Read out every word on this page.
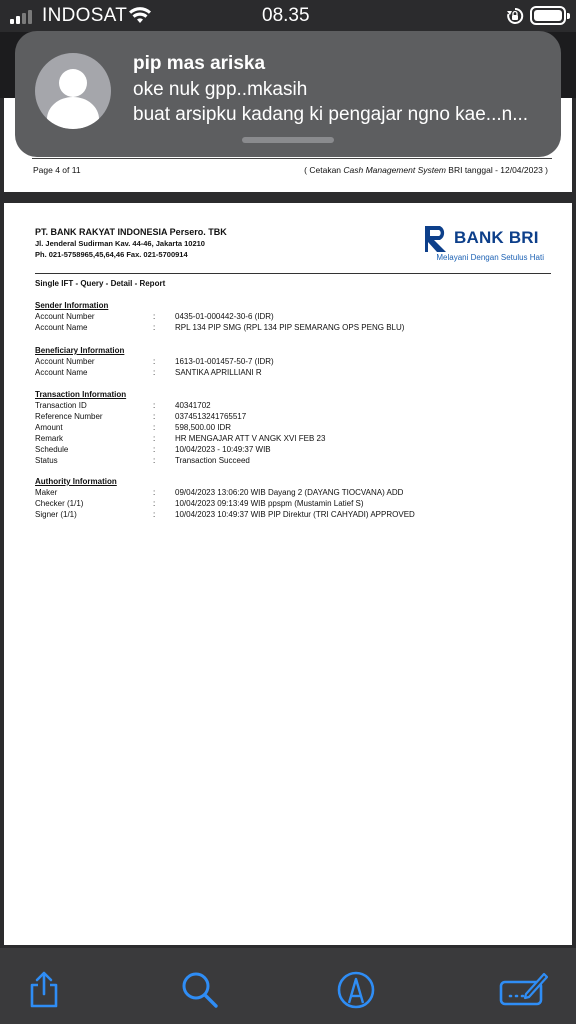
INDOSAT	08.35
Page 4 of 11	( Cetakan Cash Management System BRI tanggal - 12/04/2023 )
pip mas ariska
oke nuk gpp..mkasih
buat arsipku kadang ki pengajar ngno kae...n...
PT. BANK RAKYAT INDONESIA Persero. TBK
Jl. Jenderal Sudirman Kav. 44-46, Jakarta 10210
Ph. 021-5758965,45,64,46 Fax. 021-5700914
BANK BRI
Melayani Dengan Setulus Hati
Single IFT - Query - Detail - Report
Sender Information
Account Number	:	0435-01-000442-30-6 (IDR)
Account Name	:	RPL 134 PIP SMG (RPL 134 PIP SEMARANG OPS PENG BLU)
Beneficiary Information
Account Number	:	1613-01-001457-50-7 (IDR)
Account Name	:	SANTIKA APRILLIANI R
Transaction Information
Transaction ID	:	40341702
Reference Number	:	0374513241765517
Amount	:	598,500.00 IDR
Remark	:	HR MENGAJAR ATT V ANGK XVI FEB 23
Schedule	:	10/04/2023 - 10:49:37 WIB
Status	:	Transaction Succeed
Authority Information
Maker	:	09/04/2023 13:06:20 WIB Dayang 2 (DAYANG TIOCVANA) ADD
Checker (1/1)	:	10/04/2023 09:13:49 WIB ppspm (Mustamin Latief S)
Signer (1/1)	:	10/04/2023 10:49:37 WIB PIP Direktur (TRI CAHYADI) APPROVED
